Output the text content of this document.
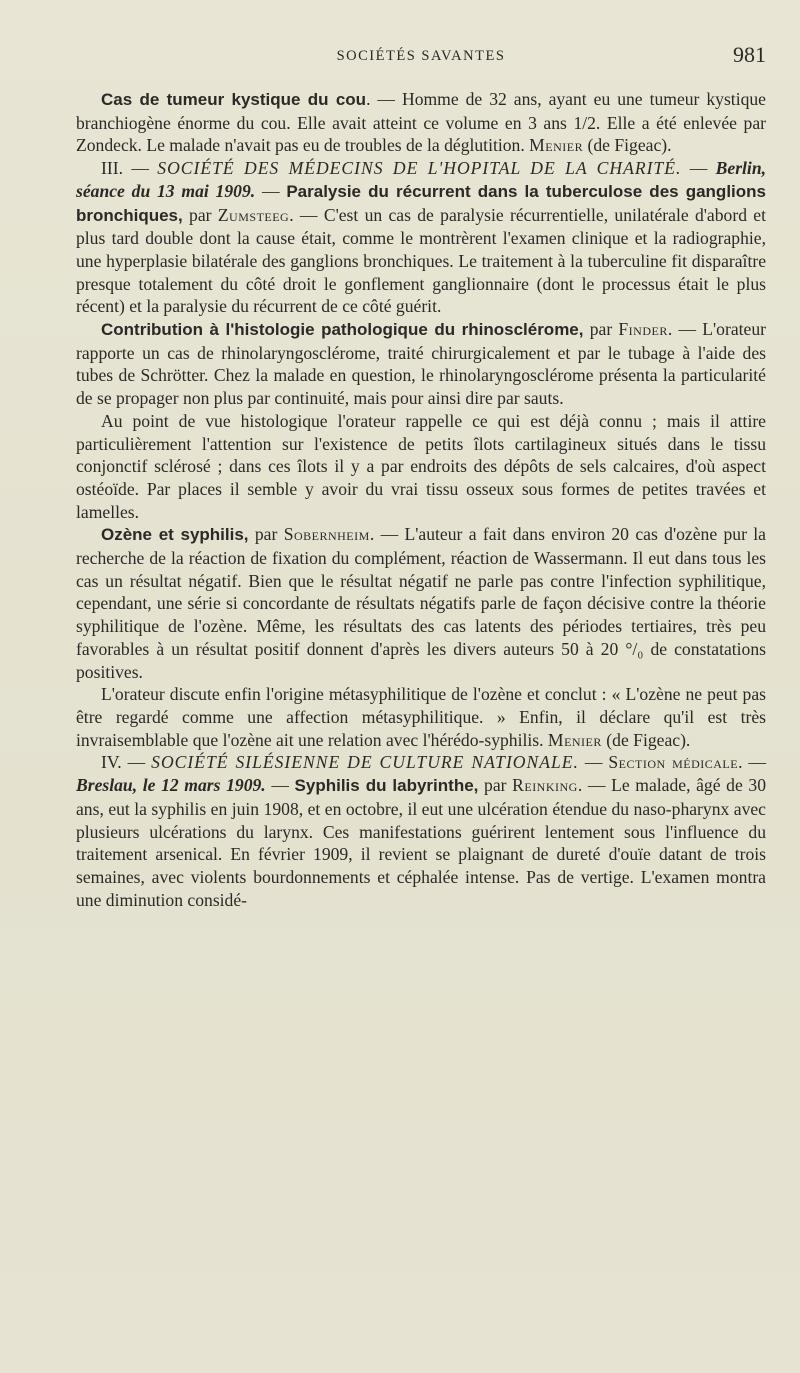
SOCIÉTÉS SAVANTES	981

Cas de tumeur kystique du cou. — Homme de 32 ans, ayant eu une tumeur kystique branchiogène énorme du cou. Elle avait atteint ce volume en 3 ans 1/2. Elle a été enlevée par Zondeck. Le malade n'avait pas eu de troubles de la déglutition. Menier (de Figeac).

III. — SOCIÉTÉ DES MÉDECINS DE L'HOPITAL DE LA CHARITÉ. — Berlin, séance du 13 mai 1909. — Paralysie du récurrent dans la tuberculose des ganglions bronchiques, par Zumsteeg. — C'est un cas de paralysie récurrentielle, unilatérale d'abord et plus tard double dont la cause était, comme le montrèrent l'examen clinique et la radiographie, une hyperplasie bilatérale des ganglions bronchiques. Le traitement à la tuberculine fit disparaître presque totalement du côté droit le gonflement ganglionnaire (dont le processus était le plus récent) et la paralysie du récurrent de ce côté guérit.

Contribution à l'histologie pathologique du rhinosclérome, par Finder. — L'orateur rapporte un cas de rhinolaryngosclérome, traité chirurgicalement et par le tubage à l'aide des tubes de Schrötter. Chez la malade en question, le rhinolaryngosclérome présenta la particularité de se propager non plus par continuité, mais pour ainsi dire par sauts.

Au point de vue histologique l'orateur rappelle ce qui est déjà connu ; mais il attire particulièrement l'attention sur l'existence de petits îlots cartilagineux situés dans le tissu conjonctif sclérosé ; dans ces îlots il y a par endroits des dépôts de sels calcaires, d'où aspect ostéoïde. Par places il semble y avoir du vrai tissu osseux sous formes de petites travées et lamelles.

Ozène et syphilis, par Sobernheim. — L'auteur a fait dans environ 20 cas d'ozène pur la recherche de la réaction de fixation du complément, réaction de Wassermann. Il eut dans tous les cas un résultat négatif. Bien que le résultat négatif ne parle pas contre l'infection syphilitique, cependant, une série si concordante de résultats négatifs parle de façon décisive contre la théorie syphilitique de l'ozène. Même, les résultats des cas latents des périodes tertiaires, très peu favorables à un résultat positif donnent d'après les divers auteurs 50 à 20 °/₀ de constatations positives.

L'orateur discute enfin l'origine métasyphilitique de l'ozène et conclut : « L'ozène ne peut pas être regardé comme une affection métasyphilitique. » Enfin, il déclare qu'il est très invraisemblable que l'ozène ait une relation avec l'hérédo-syphilis. Menier (de Figeac).

IV. — SOCIÉTÉ SILÉSIENNE DE CULTURE NATIONALE. — Section médicale. — Breslau, le 12 mars 1909. — Syphilis du labyrinthe, par Reinking. — Le malade, âgé de 30 ans, eut la syphilis en juin 1908, et en octobre, il eut une ulcération étendue du naso-pharynx avec plusieurs ulcérations du larynx. Ces manifestations guérirent lentement sous l'influence du traitement arsenical. En février 1909, il revient se plaignant de dureté d'ouïe datant de trois semaines, avec violents bourdonnements et céphalée intense. Pas de vertige. L'examen montra une diminution considé-
